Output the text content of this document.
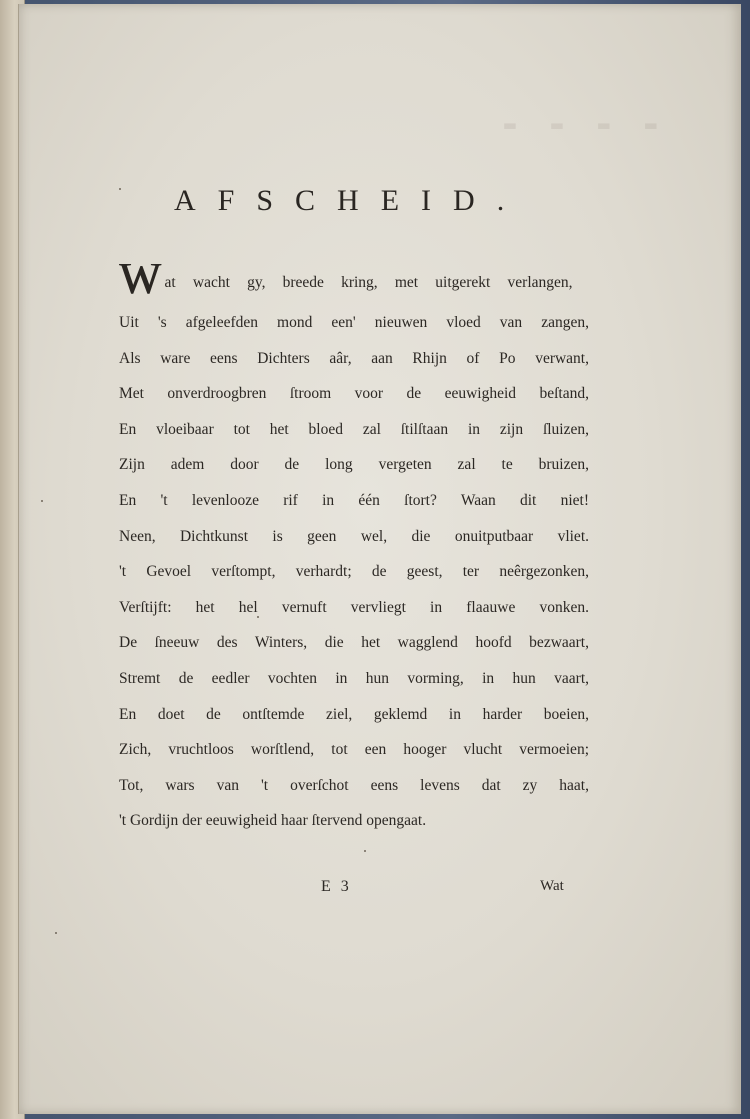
▬ ▬ ▬ ▬
AFSCHEID.
W at wacht gy, breede kring, met uitgerekt verlangen,
Uit 's afgeleefden mond een' nieuwen vloed van zangen,
Als ware eens Dichters aâr, aan Rhijn of Po verwant,
Met onverdroogbren ſtroom voor de eeuwigheid beſtand,
En vloeibaar tot het bloed zal ſtilſtaan in zijn ſluizen,
Zijn adem door de long vergeten zal te bruizen,
En 't levenlooze rif in één ſtort? Waan dit niet!
Neen, Dichtkunst is geen wel, die onuitputbaar vliet.
't Gevoel verſtompt, verhardt; de geest, ter neêrgezonken,
Verſtijft: het hel vernuft vervliegt in flaauwe vonken.
De ſneeuw des Winters, die het wagglend hoofd bezwaart,
Stremt de eedler vochten in hun vorming, in hun vaart,
En doet de ontſtemde ziel, geklemd in harder boeien,
Zich, vruchtloos worſtlend, tot een hooger vlucht vermoeien;
Tot, wars van 't overſchot eens levens dat zy haat,
't Gordijn der eeuwigheid haar ſtervend opengaat.
E 3	Wat
